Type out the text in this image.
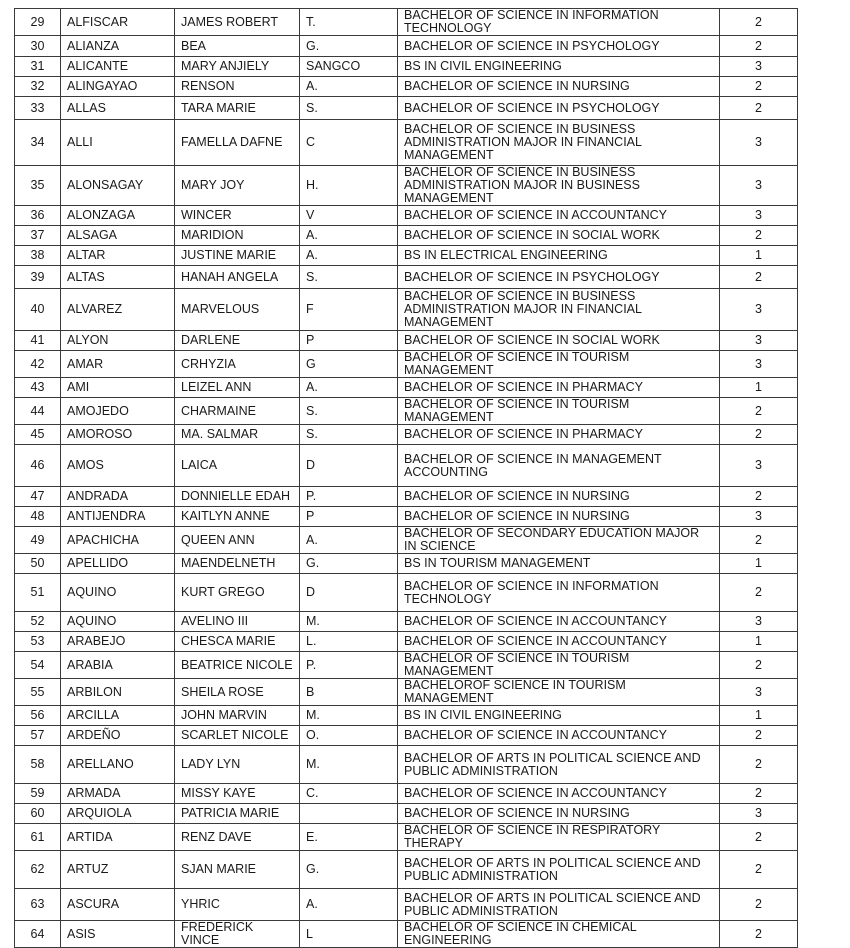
29	ALFISCAR	JAMES ROBERT	T.	BACHELOR OF SCIENCE IN INFORMATION TECHNOLOGY	2
30	ALIANZA	BEA	G.	BACHELOR OF SCIENCE IN PSYCHOLOGY	2
31	ALICANTE	MARY ANJIELY	SANGCO	BS IN CIVIL ENGINEERING	3
32	ALINGAYAO	RENSON	A.	BACHELOR OF SCIENCE IN NURSING	2
33	ALLAS	TARA MARIE	S.	BACHELOR OF SCIENCE IN PSYCHOLOGY	2
34	ALLI	FAMELLA DAFNE	C	BACHELOR OF SCIENCE IN BUSINESS ADMINISTRATION MAJOR IN FINANCIAL MANAGEMENT	3
35	ALONSAGAY	MARY JOY	H.	BACHELOR OF SCIENCE IN BUSINESS ADMINISTRATION MAJOR IN BUSINESS MANAGEMENT	3
36	ALONZAGA	WINCER	V	BACHELOR OF SCIENCE IN ACCOUNTANCY	3
37	ALSAGA	MARIDION	A.	BACHELOR OF SCIENCE IN SOCIAL WORK	2
38	ALTAR	JUSTINE MARIE	A.	BS IN ELECTRICAL ENGINEERING	1
39	ALTAS	HANAH ANGELA	S.	BACHELOR OF SCIENCE IN PSYCHOLOGY	2
40	ALVAREZ	MARVELOUS	F	BACHELOR OF SCIENCE IN BUSINESS ADMINISTRATION MAJOR IN FINANCIAL MANAGEMENT	3
41	ALYON	DARLENE	P	BACHELOR OF SCIENCE IN SOCIAL WORK	3
42	AMAR	CRHYZIA	G	BACHELOR OF SCIENCE IN TOURISM MANAGEMENT	3
43	AMI	LEIZEL ANN	A.	BACHELOR OF SCIENCE IN PHARMACY	1
44	AMOJEDO	CHARMAINE	S.	BACHELOR OF SCIENCE IN TOURISM MANAGEMENT	2
45	AMOROSO	MA. SALMAR	S.	BACHELOR OF SCIENCE IN PHARMACY	2
46	AMOS	LAICA	D	BACHELOR OF SCIENCE IN MANAGEMENT ACCOUNTING	3
47	ANDRADA	DONNIELLE EDAH	P.	BACHELOR OF SCIENCE IN NURSING	2
48	ANTIJENDRA	KAITLYN ANNE	P	BACHELOR OF SCIENCE IN NURSING	3
49	APACHICHA	QUEEN ANN	A.	BACHELOR OF SECONDARY EDUCATION MAJOR IN SCIENCE	2
50	APELLIDO	MAENDELNETH	G.	BS IN TOURISM MANAGEMENT	1
51	AQUINO	KURT GREGO	D	BACHELOR OF SCIENCE IN INFORMATION TECHNOLOGY	2
52	AQUINO	AVELINO III	M.	BACHELOR OF SCIENCE IN ACCOUNTANCY	3
53	ARABEJO	CHESCA MARIE	L.	BACHELOR OF SCIENCE IN ACCOUNTANCY	1
54	ARABIA	BEATRICE NICOLE	P.	BACHELOR OF SCIENCE IN TOURISM MANAGEMENT	2
55	ARBILON	SHEILA ROSE	B	BACHELOROF SCIENCE IN TOURISM MANAGEMENT	3
56	ARCILLA	JOHN MARVIN	M.	BS IN CIVIL ENGINEERING	1
57	ARDEÑO	SCARLET NICOLE	O.	BACHELOR OF SCIENCE IN ACCOUNTANCY	2
58	ARELLANO	LADY LYN	M.	BACHELOR OF ARTS IN POLITICAL SCIENCE AND PUBLIC ADMINISTRATION	2
59	ARMADA	MISSY KAYE	C.	BACHELOR OF SCIENCE IN ACCOUNTANCY	2
60	ARQUIOLA	PATRICIA MARIE		BACHELOR OF SCIENCE IN NURSING	3
61	ARTIDA	RENZ DAVE	E.	BACHELOR OF SCIENCE IN RESPIRATORY THERAPY	2
62	ARTUZ	SJAN MARIE	G.	BACHELOR OF ARTS IN POLITICAL SCIENCE AND PUBLIC ADMINISTRATION	2
63	ASCURA	YHRIC	A.	BACHELOR OF ARTS IN POLITICAL SCIENCE AND PUBLIC ADMINISTRATION	2
64	ASIS	FREDERICK VINCE	L	BACHELOR OF SCIENCE IN CHEMICAL ENGINEERING	2
